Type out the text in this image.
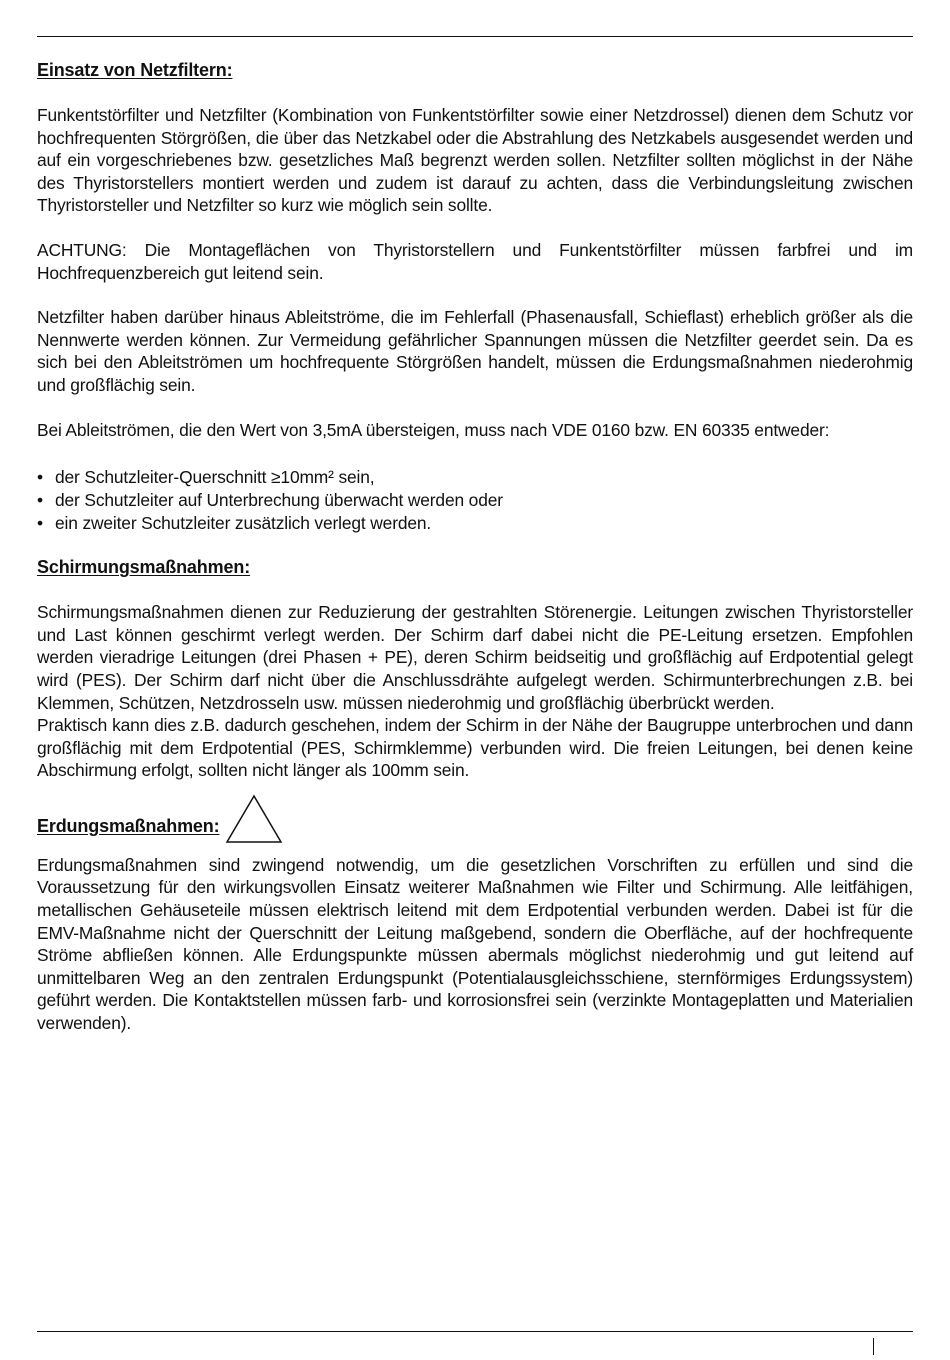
Einsatz von Netzfiltern:

Funkentstörfilter und Netzfilter (Kombination von Funkentstörfilter sowie einer Netzdrossel) dienen dem Schutz vor hochfrequenten Störgrößen, die über das Netzkabel oder die Abstrahlung des Netzkabels ausgesendet werden und auf ein vorgeschriebenes bzw. gesetzliches Maß begrenzt werden sollen. Netzfilter sollten möglichst in der Nähe des Thyristorstellers montiert werden und zudem ist darauf zu achten, dass die Verbindungsleitung zwischen Thyristorsteller und Netzfilter so kurz wie möglich sein sollte.

ACHTUNG: Die Montageflächen von Thyristorstellern und Funkentstörfilter müssen farbfrei und im Hochfrequenzbereich gut leitend sein.

Netzfilter haben darüber hinaus Ableitströme, die im Fehlerfall (Phasenausfall, Schieflast) erheblich größer als die Nennwerte werden können. Zur Vermeidung gefährlicher Spannungen müssen die Netzfilter geerdet sein. Da es sich bei den Ableitströmen um hochfrequente Störgrößen handelt, müssen die Erdungsmaßnahmen niederohmig und großflächig sein.

Bei Ableitströmen, die den Wert von 3,5mA übersteigen, muss nach VDE 0160 bzw. EN 60335 entweder:

• der Schutzleiter-Querschnitt ≥10mm² sein,
• der Schutzleiter auf Unterbrechung überwacht werden oder
• ein zweiter Schutzleiter zusätzlich verlegt werden.
Schirmungsmaßnahmen:

Schirmungsmaßnahmen dienen zur Reduzierung der gestrahlten Störenergie. Leitungen zwischen Thyristorsteller und Last können geschirmt verlegt werden. Der Schirm darf dabei nicht die PE-Leitung ersetzen. Empfohlen werden vieradrige Leitungen (drei Phasen + PE), deren Schirm beidseitig und großflächig auf Erdpotential gelegt wird (PES). Der Schirm darf nicht über die Anschlussdrähte aufgelegt werden. Schirmunterbrechungen z.B. bei Klemmen, Schützen, Netzdrosseln usw. müssen niederohmig und großflächig überbrückt werden.

Praktisch kann dies z.B. dadurch geschehen, indem der Schirm in der Nähe der Baugruppe unterbrochen und dann großflächig mit dem Erdpotential (PES, Schirmklemme) verbunden wird. Die freien Leitungen, bei denen keine Abschirmung erfolgt, sollten nicht länger als 100mm sein.

Erdungsmaßnahmen:

Erdungsmaßnahmen sind zwingend notwendig, um die gesetzlichen Vorschriften zu erfüllen und sind die Voraussetzung für den wirkungsvollen Einsatz weiterer Maßnahmen wie Filter und Schirmung. Alle leitfähigen, metallischen Gehäuseteile müssen elektrisch leitend mit dem Erdpotential verbunden werden. Dabei ist für die EMV-Maßnahme nicht der Querschnitt der Leitung maßgebend, sondern die Oberfläche, auf der hochfrequente Ströme abfließen können. Alle Erdungspunkte müssen abermals möglichst niederohmig und gut leitend auf unmittelbaren Weg an den zentralen Erdungspunkt (Potentialausgleichsschiene, sternförmiges Erdungssystem) geführt werden. Die Kontaktstellen müssen farb- und korrosionsfrei sein (verzinkte Montageplatten und Materialien verwenden).
